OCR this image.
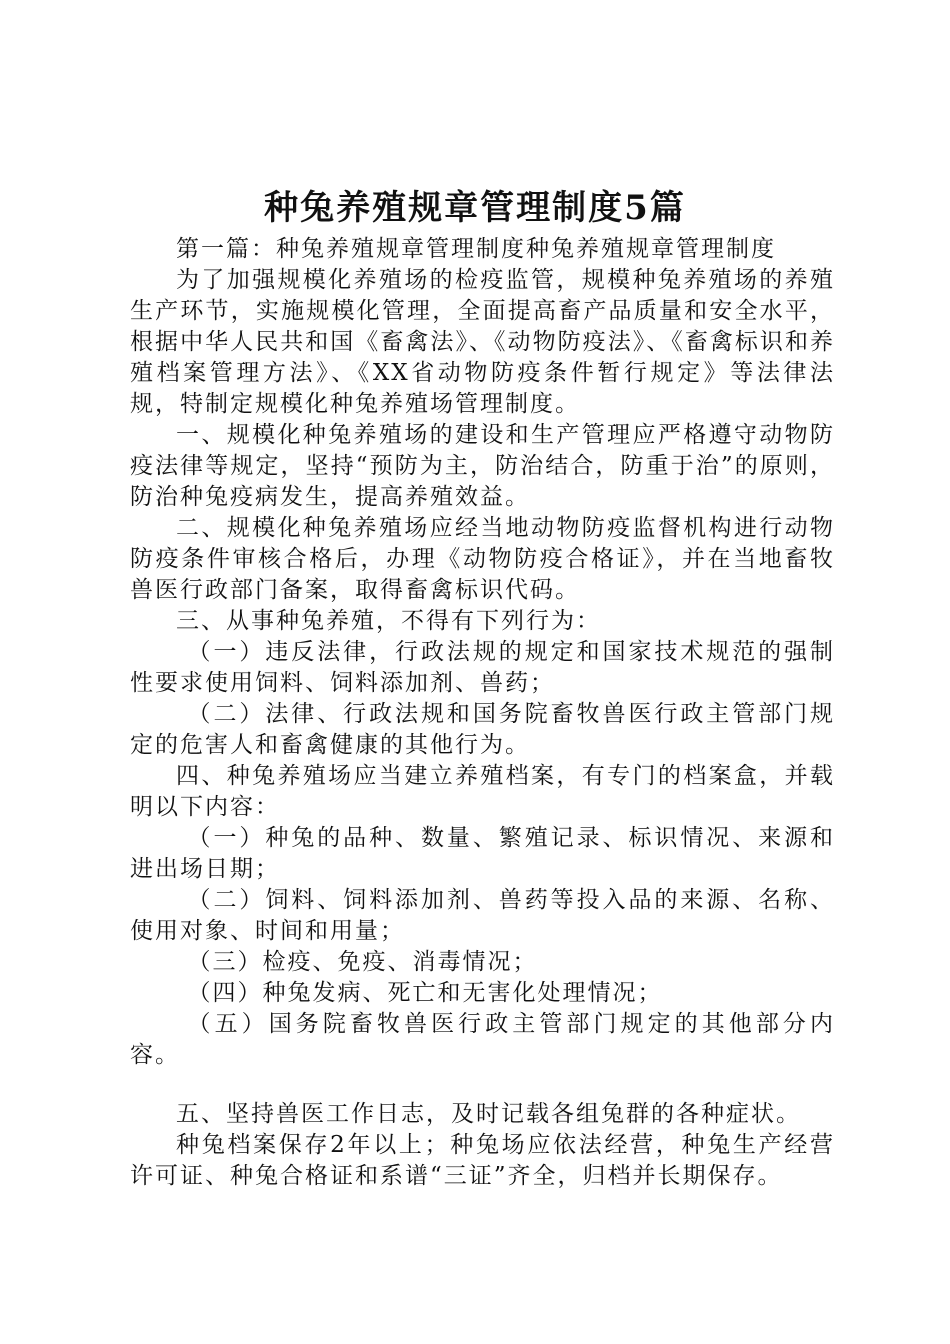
种兔养殖规章管理制度5篇

第一篇：种兔养殖规章管理制度种兔养殖规章管理制度

为了加强规模化养殖场的检疫监管，规模种兔养殖场的养殖生产环节，实施规模化管理，全面提高畜产品质量和安全水平，根据中华人民共和国《畜禽法》、《动物防疫法》、《畜禽标识和养殖档案管理方法》、《XX省动物防疫条件暂行规定》等法律法规，特制定规模化种兔养殖场管理制度。

一、规模化种兔养殖场的建设和生产管理应严格遵守动物防疫法律等规定，坚持“预防为主，防治结合，防重于治”的原则，防治种兔疫病发生，提高养殖效益。

二、规模化种兔养殖场应经当地动物防疫监督机构进行动物防疫条件审核合格后，办理《动物防疫合格证》，并在当地畜牧兽医行政部门备案，取得畜禽标识代码。

三、从事种兔养殖，不得有下列行为：

（一）违反法律，行政法规的规定和国家技术规范的强制性要求使用饲料、饲料添加剂、兽药；

（二）法律、行政法规和国务院畜牧兽医行政主管部门规定的危害人和畜禽健康的其他行为。

四、种兔养殖场应当建立养殖档案，有专门的档案盒，并载明以下内容：

（一）种兔的品种、数量、繁殖记录、标识情况、来源和进出场日期；

（二）饲料、饲料添加剂、兽药等投入品的来源、名称、使用对象、时间和用量；

（三）检疫、免疫、消毒情况；

（四）种兔发病、死亡和无害化处理情况；

（五）国务院畜牧兽医行政主管部门规定的其他部分内容。

五、坚持兽医工作日志，及时记载各组兔群的各种症状。

种兔档案保存2年以上；种兔场应依法经营，种兔生产经营许可证、种兔合格证和系谱“三证”齐全，归档并长期保存。
